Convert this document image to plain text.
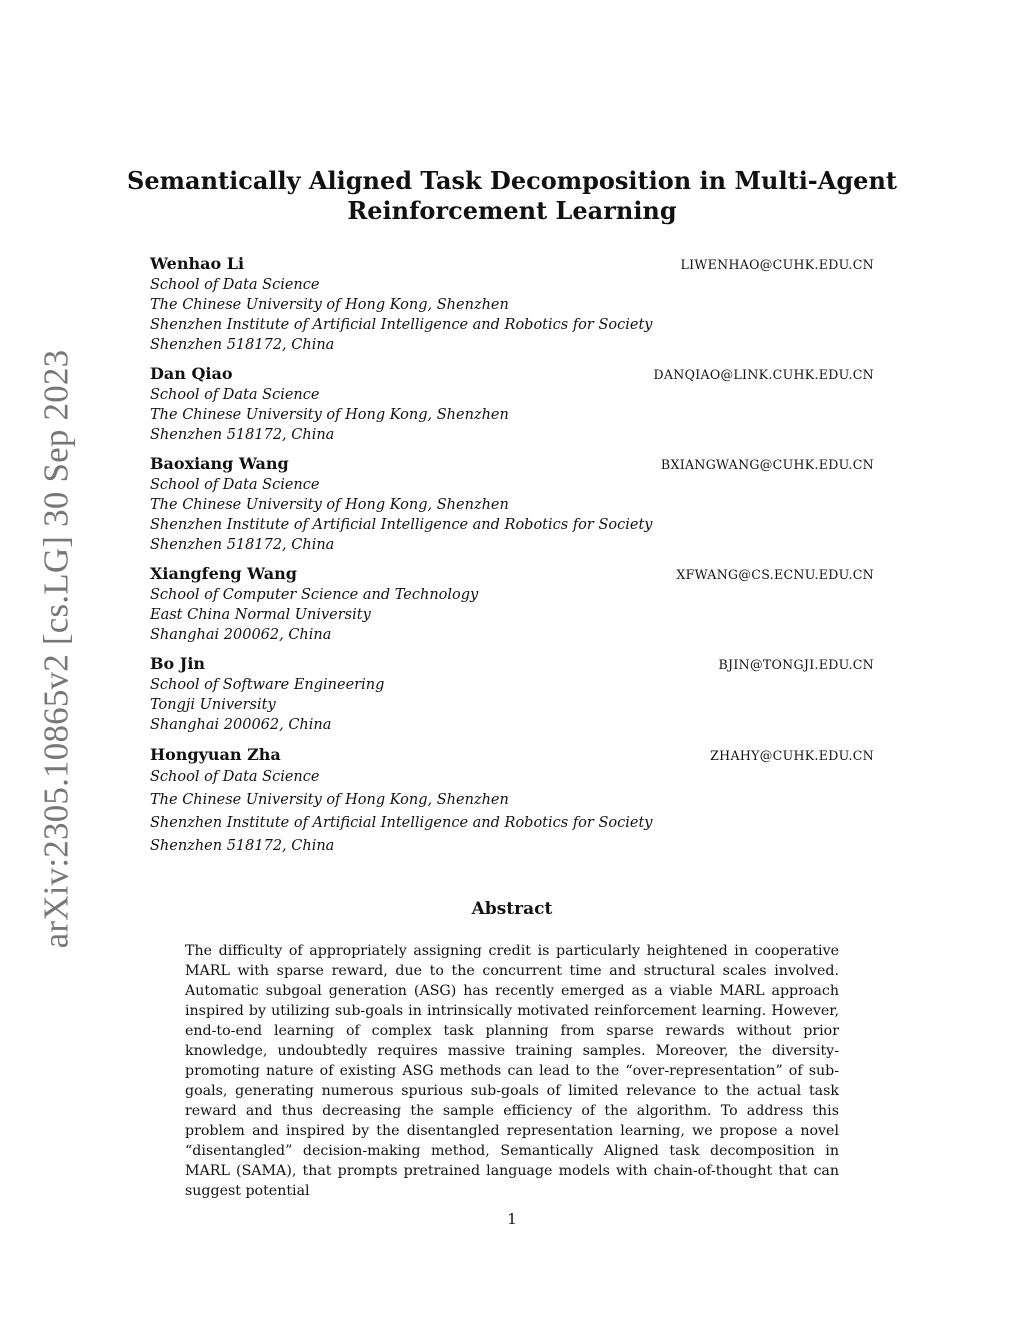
arXiv:2305.10865v2 [cs.LG] 30 Sep 2023
Semantically Aligned Task Decomposition in Multi-Agent
Reinforcement Learning
Wenhao Li	LIWENHAO@CUHK.EDU.CN
School of Data Science
The Chinese University of Hong Kong, Shenzhen
Shenzhen Institute of Artificial Intelligence and Robotics for Society
Shenzhen 518172, China
Dan Qiao	DANQIAO@LINK.CUHK.EDU.CN
School of Data Science
The Chinese University of Hong Kong, Shenzhen
Shenzhen 518172, China
Baoxiang Wang	BXIANGWANG@CUHK.EDU.CN
School of Data Science
The Chinese University of Hong Kong, Shenzhen
Shenzhen Institute of Artificial Intelligence and Robotics for Society
Shenzhen 518172, China
Xiangfeng Wang	XFWANG@CS.ECNU.EDU.CN
School of Computer Science and Technology
East China Normal University
Shanghai 200062, China
Bo Jin	BJIN@TONGJI.EDU.CN
School of Software Engineering
Tongji University
Shanghai 200062, China
Hongyuan Zha	ZHAHY@CUHK.EDU.CN
School of Data Science
The Chinese University of Hong Kong, Shenzhen
Shenzhen Institute of Artificial Intelligence and Robotics for Society
Shenzhen 518172, China
Abstract
The difficulty of appropriately assigning credit is particularly heightened in cooperative MARL with sparse reward, due to the concurrent time and structural scales involved. Automatic subgoal generation (ASG) has recently emerged as a viable MARL approach inspired by utilizing sub-goals in intrinsically motivated reinforcement learning. However, end-to-end learning of complex task planning from sparse rewards without prior knowledge, undoubtedly requires massive training samples. Moreover, the diversity-promoting nature of existing ASG methods can lead to the “over-representation” of sub-goals, generating numerous spurious sub-goals of limited relevance to the actual task reward and thus decreasing the sample efficiency of the algorithm. To address this problem and inspired by the disentangled representation learning, we propose a novel “disentangled” decision-making method, Semantically Aligned task decomposition in MARL (SAMA), that prompts pretrained language models with chain-of-thought that can suggest potential
1
